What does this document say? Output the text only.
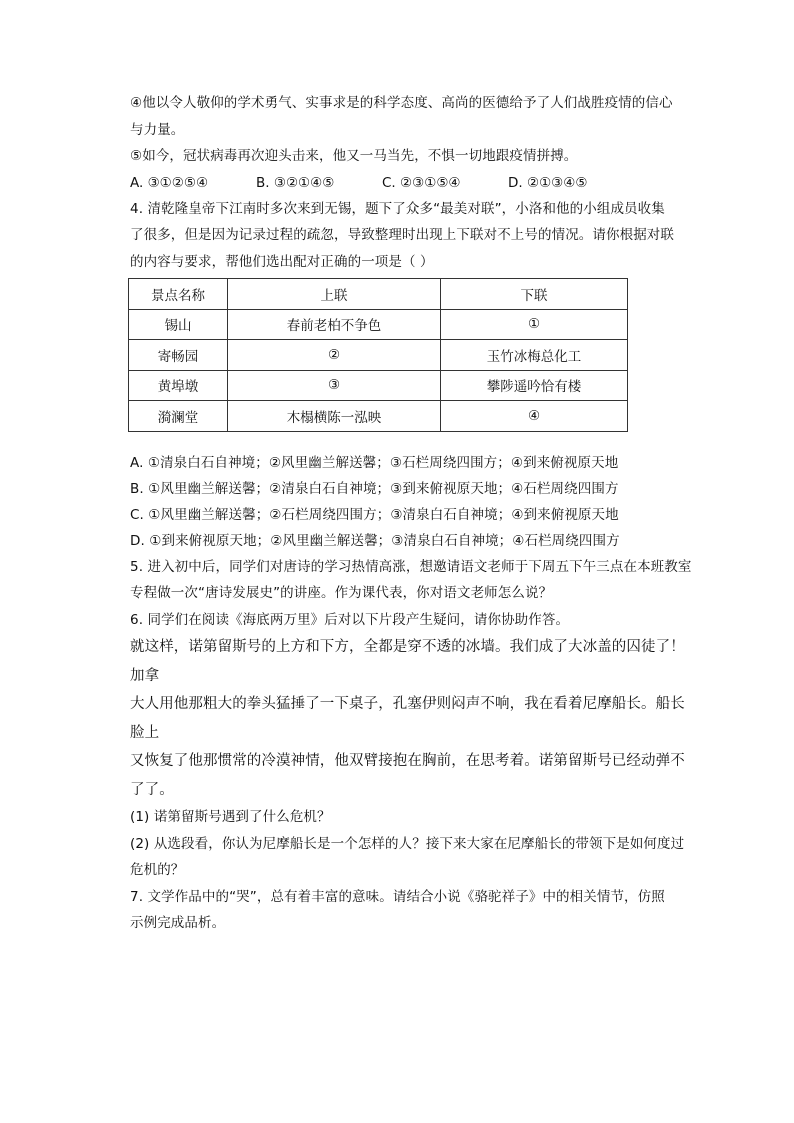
④他以令人敬仰的学术勇气、实事求是的科学态度、高尚的医德给予了人们战胜疫情的信心

与力量。

⑤如今，冠状病毒再次迎头击来，他又一马当先，不惧一切地跟疫情拼搏。

A. ③①②⑤④	B. ③②①④⑤	C. ②③①⑤④	D. ②①③④⑤

4. 清乾隆皇帝下江南时多次来到无锡，题下了众多“最美对联”，小洛和他的小组成员收集

了很多，但是因为记录过程的疏忽，导致整理时出现上下联对不上号的情况。请你根据对联

的内容与要求，帮他们选出配对正确的一项是（ ）

景点名称	上联	下联
锡山	春前老柏不争色	①
寄畅园	②	玉竹冰梅总化工
黄埠墩	③	攀陟遥吟恰有楼
漪澜堂	木榻横陈一泓映	④

A. ①清泉白石自神境；②风里幽兰解送馨；③石栏周绕四围方；④到来俯视原天地

B. ①风里幽兰解送馨；②清泉白石自神境；③到来俯视原天地；④石栏周绕四围方

C. ①风里幽兰解送馨；②石栏周绕四围方；③清泉白石自神境；④到来俯视原天地

D. ①到来俯视原天地；②风里幽兰解送馨；③清泉白石自神境；④石栏周绕四围方

5. 进入初中后，同学们对唐诗的学习热情高涨，想邀请语文老师于下周五下午三点在本班教室

专程做一次“唐诗发展史”的讲座。作为课代表，你对语文老师怎么说？

6. 同学们在阅读《海底两万里》后对以下片段产生疑问，请你协助作答。

就这样，诺第留斯号的上方和下方，全都是穿不透的冰墙。我们成了大冰盖的囚徒了！加拿

大人用他那粗大的拳头猛捶了一下桌子，孔塞伊则闷声不响，我在看着尼摩船长。船长脸上

又恢复了他那惯常的冷漠神情，他双臂接抱在胸前，在思考着。诺第留斯号已经动弹不了了。

(1) 诺第留斯号遇到了什么危机？

(2) 从选段看，你认为尼摩船长是一个怎样的人？接下来大家在尼摩船长的带领下是如何度过

危机的？

7. 文学作品中的“哭”，总有着丰富的意味。请结合小说《骆驼祥子》中的相关情节，仿照

示例完成品析。
